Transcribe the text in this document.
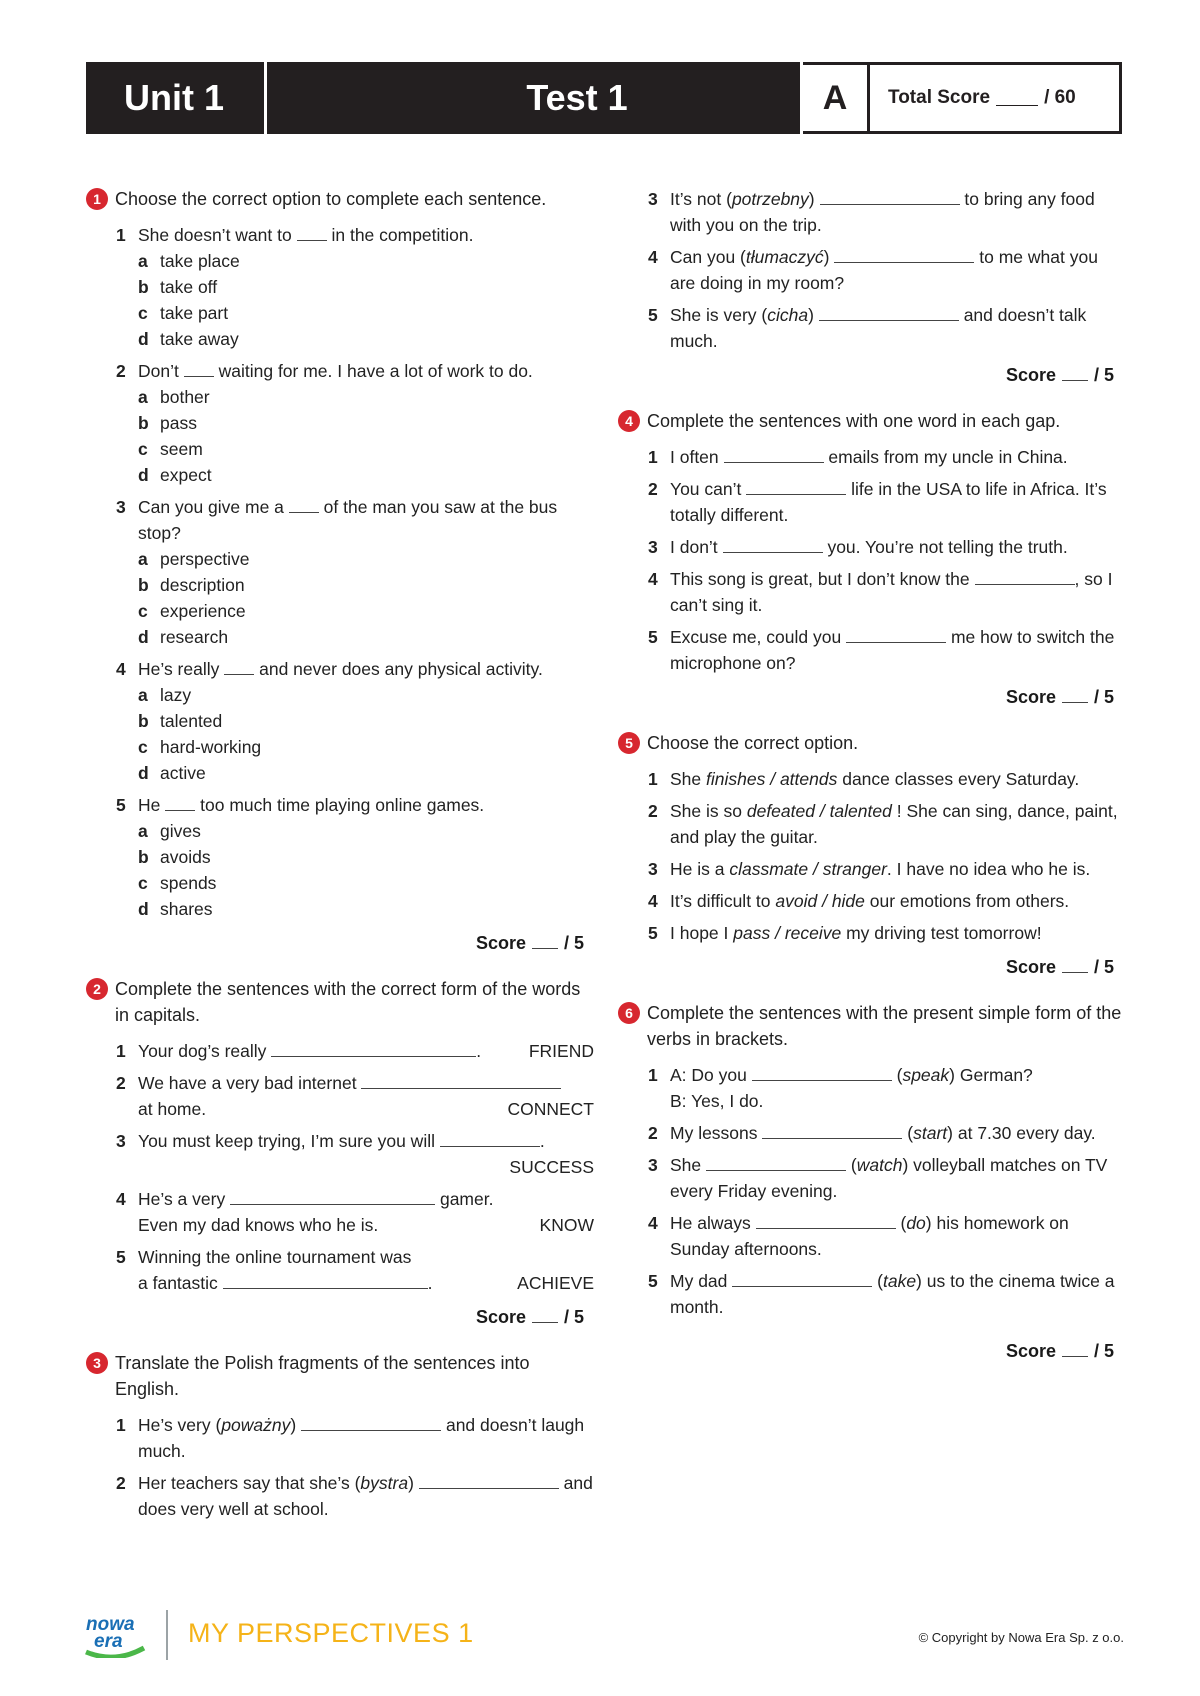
Unit 1	Test 1	A	Total Score	/ 60
1 Choose the correct option to complete each sentence.
1 She doesn’t want to in the competition.
a take place
b take off
c take part
d take away
2 Don’t waiting for me. I have a lot of work to do.
a bother
b pass
c seem
d expect
3 Can you give me a of the man you saw at the bus stop?
a perspective
b description
c experience
d research
4 He’s really and never does any physical activity.
a lazy
b talented
c hard-working
d active
5 He too much time playing online games.
a gives
b avoids
c spends
d shares
Score / 5
2 Complete the sentences with the correct form of the words in capitals.
1 Your dog’s really	.	FRIEND
2 We have a very bad internet
at home.	CONNECT
3 You must keep trying, I’m sure you will	.
SUCCESS

4 He’s a very	gamer.
Even my dad knows who he is.	KNOW
5 Winning the online tournament was
a fantastic	.	ACHIEVE
Score / 5
3 Translate the Polish fragments of the sentences into English.
1 He’s very (poważny)	and doesn’t laugh much.
2 Her teachers say that she’s (bystra)	and does very well at school.
3 It’s not (potrzebny)	to bring any food with you on the trip.
4 Can you (tłumaczyć)	to me what you are doing in my room?
5 She is very (cicha)	and doesn’t talk much.
Score / 5
4 Complete the sentences with one word in each gap.
1 I often	emails from my uncle in China.
2 You can’t	life in the USA to life in Africa. It’s totally different.
3 I don’t	you. You’re not telling the truth.
4 This song is great, but I don’t know the	, so I can’t sing it.
5 Excuse me, could you	me how to switch the microphone on?
Score / 5
5 Choose the correct option.
1 She finishes / attends dance classes every Saturday.
2 She is so defeated / talented ! She can sing, dance, paint, and play the guitar.
3 He is a classmate / stranger. I have no idea who he is.
4 It’s difficult to avoid / hide our emotions from others.
5 I hope I pass / receive my driving test tomorrow!
Score / 5
6 Complete the sentences with the present simple form of the verbs in brackets.
1 A: Do you	(speak) German?
B: Yes, I do.
2 My lessons	(start) at 7.30 every day.
3 She	(watch) volleyball matches on TV every Friday evening.
4 He always	(do) his homework on Sunday afternoons.
5 My dad	(take) us to the cinema twice a month.
Score / 5
nowa
era MY PERSPECTIVES 1	© Copyright by Nowa Era Sp. z o.o.
